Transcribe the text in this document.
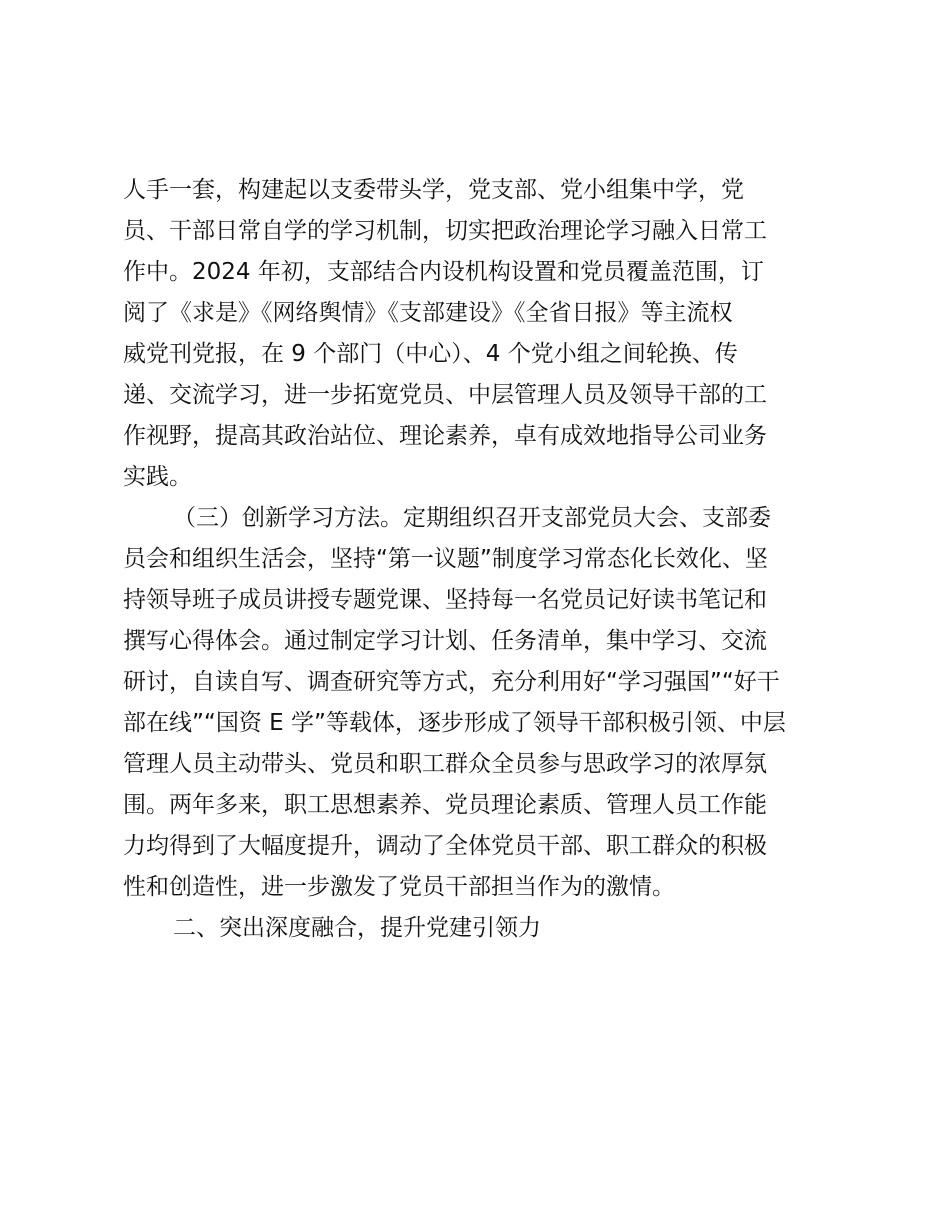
人手一套，构建起以支委带头学，党支部、党小组集中学，党
员、干部日常自学的学习机制，切实把政治理论学习融入日常工
作中。2024 年初，支部结合内设机构设置和党员覆盖范围，订
阅了《求是》《网络舆情》《支部建设》《全省日报》等主流权
威党刊党报，在 9 个部门（中心）、4 个党小组之间轮换、传
递、交流学习，进一步拓宽党员、中层管理人员及领导干部的工
作视野，提高其政治站位、理论素养，卓有成效地指导公司业务
实践。
（三）创新学习方法。定期组织召开支部党员大会、支部委
员会和组织生活会，坚持“第一议题”制度学习常态化长效化、坚
持领导班子成员讲授专题党课、坚持每一名党员记好读书笔记和
撰写心得体会。通过制定学习计划、任务清单，集中学习、交流
研讨，自读自写、调查研究等方式，充分利用好“学习强国”“好干
部在线”“国资 E 学”等载体，逐步形成了领导干部积极引领、中层
管理人员主动带头、党员和职工群众全员参与思政学习的浓厚氛
围。两年多来，职工思想素养、党员理论素质、管理人员工作能
力均得到了大幅度提升，调动了全体党员干部、职工群众的积极
性和创造性，进一步激发了党员干部担当作为的激情。
二、突出深度融合，提升党建引领力
